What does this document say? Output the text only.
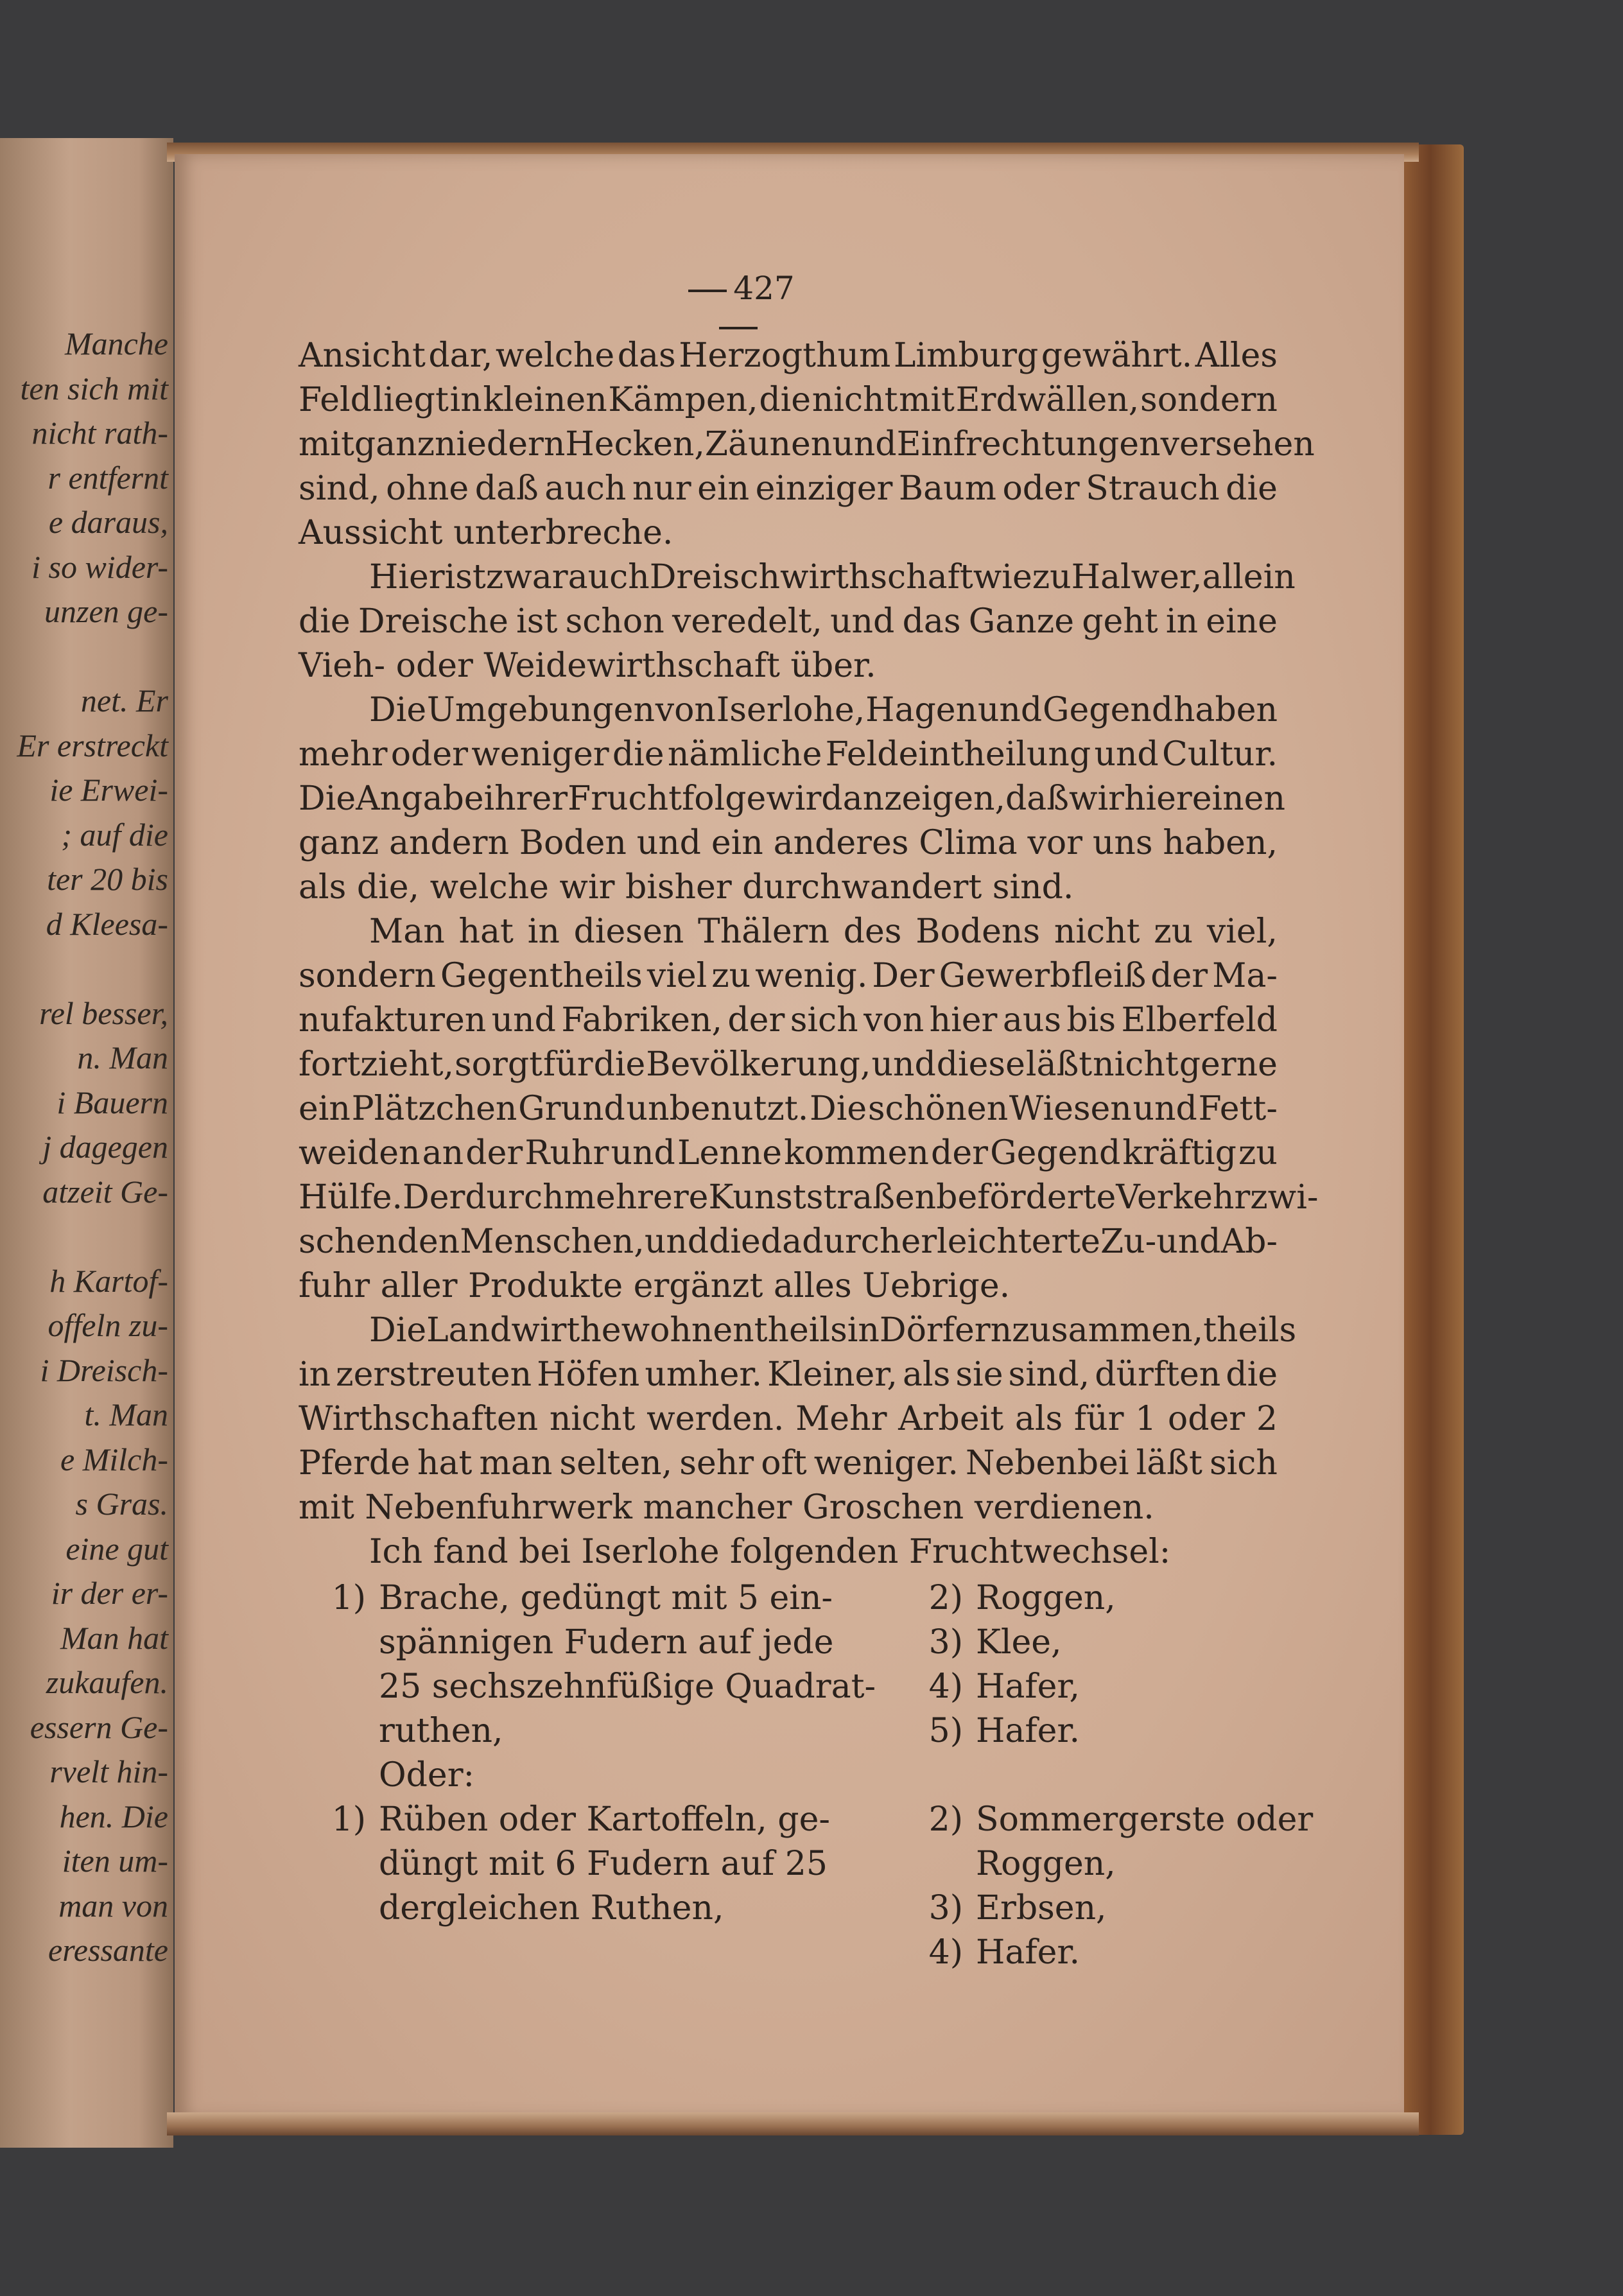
Manche
ten sich mit
nicht rath-
r entfernt
e daraus,
i so wider-
unzen ge-
net. Er
Er erstreckt
ie Erwei-
; auf die
ter 20 bis
d Kleesa-
rel besser,
n. Man
i Bauern
j dagegen
atzeit Ge-
h Kartof-
offeln zu-
i Dreisch-
t. Man
e Milch-
s Gras.
eine gut
ir der er-
Man hat
zukaufen.
essern Ge-
rvelt hin-
hen. Die
iten um-
man von
eressante
427
Ansicht dar, welche das Herzogthum Limburg gewährt. Alles
Feld liegt in kleinen Kämpen, die nicht mit Erdwällen, sondern
mit ganz niedern Hecken, Zäunen und Einfrechtungen versehen
sind, ohne daß auch nur ein einziger Baum oder Strauch die
Aussicht unterbreche.
Hier ist zwar auch Dreischwirthschaft wie zu Halwer, allein
die Dreische ist schon veredelt, und das Ganze geht in eine
Vieh- oder Weidewirthschaft über.
Die Umgebungen von Iserlohe, Hagen und Gegend haben
mehr oder weniger die nämliche Feldeintheilung und Cultur.
Die Angabe ihrer Fruchtfolge wird anzeigen, daß wir hier einen
ganz andern Boden und ein anderes Clima vor uns haben,
als die, welche wir bisher durchwandert sind.
Man hat in diesen Thälern des Bodens nicht zu viel,
sondern Gegentheils viel zu wenig. Der Gewerbfleiß der Ma-
nufakturen und Fabriken, der sich von hier aus bis Elberfeld
fortzieht, sorgt für die Bevölkerung, und diese läßt nicht gerne
ein Plätzchen Grund unbenutzt. Die schönen Wiesen und Fett-
weiden an der Ruhr und Lenne kommen der Gegend kräftig zu
Hülfe. Der durch mehrere Kunststraßen beförderte Verkehr zwi-
schen den Menschen, und die dadurch erleichterte Zu- und Ab-
fuhr aller Produkte ergänzt alles Uebrige.
Die Landwirthe wohnen theils in Dörfern zusammen, theils
in zerstreuten Höfen umher. Kleiner, als sie sind, dürften die
Wirthschaften nicht werden. Mehr Arbeit als für 1 oder 2
Pferde hat man selten, sehr oft weniger. Nebenbei läßt sich
mit Nebenfuhrwerk mancher Groschen verdienen.
Ich fand bei Iserlohe folgenden Fruchtwechsel:
1) Brache, gedüngt mit 5 ein-
spännigen Fudern auf jede
25 sechszehnfüßige Quadrat-
ruthen,
2) Roggen,
3) Klee,
4) Hafer,
5) Hafer.
Oder:
1) Rüben oder Kartoffeln, ge-
düngt mit 6 Fudern auf 25
dergleichen Ruthen,
2) Sommergerste oder
Roggen,
3) Erbsen,
4) Hafer.
